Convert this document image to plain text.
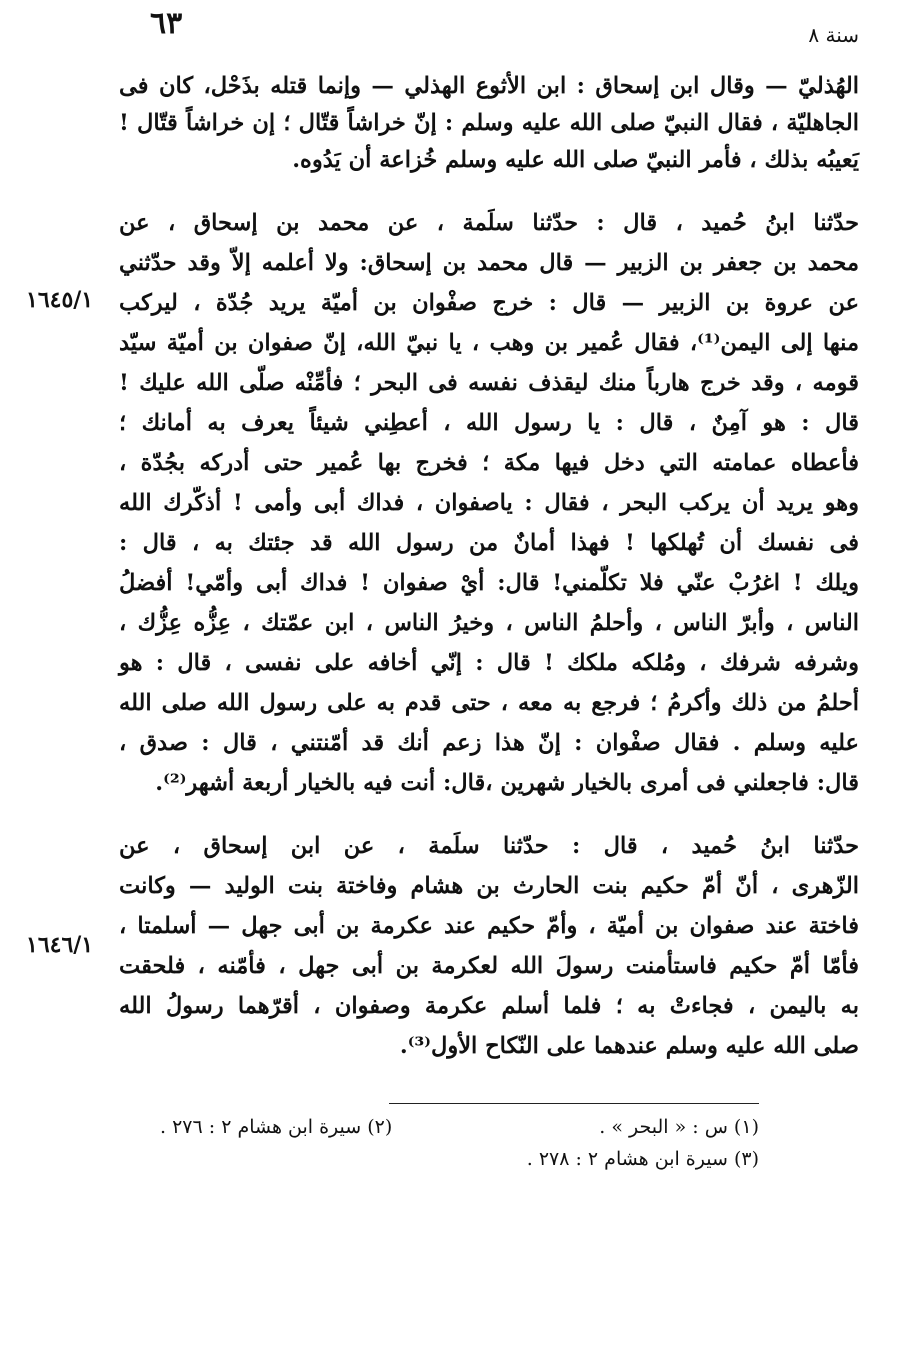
سنة ٨
٦٣
الهُذليّ — وقال ابن إسحاق : ابن الأثوع الهذلي — وإنما قتله بذَحْل، كان فى
الجاهليّة ، فقال النبيّ صلى الله عليه وسلم : إنّ خراشاً قتّال ؛ إن خراشاً قتّال !
يَعيبُه بذلك ، فأمر النبيّ صلى الله عليه وسلم خُزاعة أن يَدُوه.
حدّثنا ابنُ حُميد ، قال : حدّثنا سلَمة ، عن محمد بن إسحاق ، عن
محمد بن جعفر بن الزبير — قال محمد بن إسحاق: ولا أعلمه إلاّ وقد حدّثني
عن عروة بن الزبير — قال : خرج صفْوان بن أميّة يريد جُدّة ، ليركب
منها إلى اليمن⁽¹⁾، فقال عُمير بن وهب ، يا نبيّ الله، إنّ صفوان بن أميّة سيّد
قومه ، وقد خرج هارباً منك ليقذف نفسه فى البحر ؛ فأمِّنْه صلّى الله عليك !
قال : هو آمِنٌ ، قال : يا رسول الله ، أعطِني شيئاً يعرف به أمانك ؛
فأعطاه عمامته التي دخل فيها مكة ؛ فخرج بها عُمير حتى أدركه بجُدّة ،
وهو يريد أن يركب البحر ، فقال : ياصفوان ، فداك أبى وأمى ! أذكّرك الله
فى نفسك أن تُهلكها ! فهذا أمانٌ من رسول الله قد جئتك به ، قال :
ويلك ! اغرُبْ عنّي فلا تكلّمني! قال: أيْ صفوان ! فداك أبى وأمّي! أفضلُ
الناس ، وأبرّ الناس ، وأحلمُ الناس ، وخيرُ الناس ، ابن عمّتك ، عِزُّه عِزُّك ،
وشرفه شرفك ، ومُلكه ملكك ! قال : إنّي أخافه على نفسى ، قال : هو
أحلمُ من ذلك وأكرمُ ؛ فرجع به معه ، حتى قدم به على رسول الله صلى الله
عليه وسلم . فقال صفْوان : إنّ هذا زعم أنك قد أمّنتني ، قال : صدق ،
قال: فاجعلني فى أمرى بالخيار شهرين ،قال: أنت فيه بالخيار أربعة أشهر⁽²⁾.
حدّثنا ابنُ حُميد ، قال : حدّثنا سلَمة ، عن ابن إسحاق ، عن
الزّهرى ، أنّ أمّ حكيم بنت الحارث بن هشام وفاختة بنت الوليد — وكانت
فاختة عند صفوان بن أميّة ، وأمّ حكيم عند عكرمة بن أبى جهل — أسلمتا ،
فأمّا أمّ حكيم فاستأمنت رسولَ الله لعكرمة بن أبى جهل ، فأمّنه ، فلحقت
به باليمن ، فجاءتْ به ؛ فلما أسلم عكرمة وصفوان ، أقرّهما رسولُ الله
صلى الله عليه وسلم عندهما على النّكاح الأول⁽³⁾.
١٦٤٥/١
١٦٤٦/١
(١) س : « البحر » .
(٢) سيرة ابن هشام ٢ : ٢٧٦ .
(٣) سيرة ابن هشام ٢ : ٢٧٨ .
